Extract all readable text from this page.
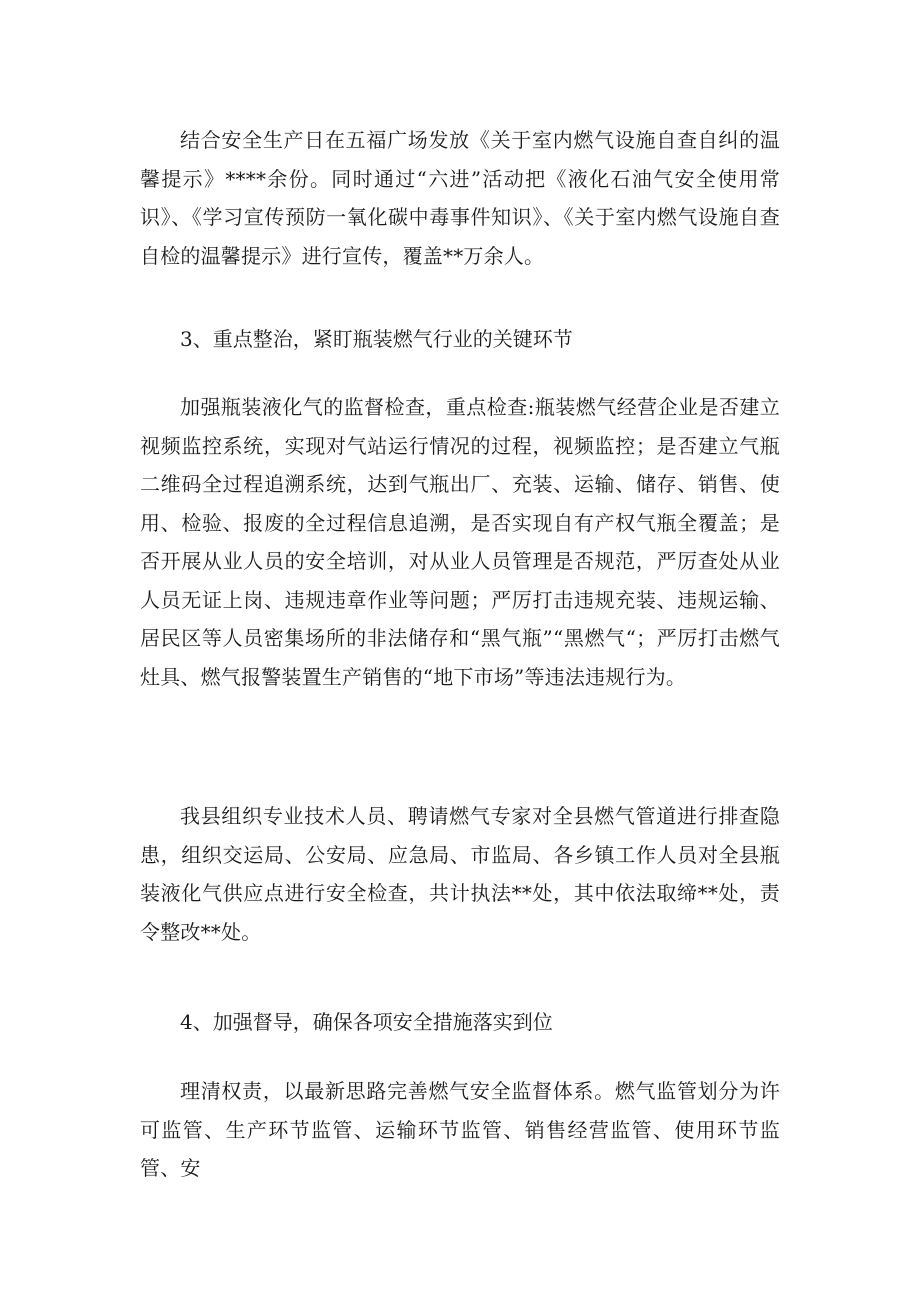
结合安全生产日在五福广场发放《关于室内燃气设施自查自纠的温馨提示》****余份。同时通过“六进”活动把《液化石油气安全使用常识》、《学习宣传预防一氧化碳中毒事件知识》、《关于室内燃气设施自查自检的温馨提示》进行宣传，覆盖**万余人。

3、重点整治，紧盯瓶装燃气行业的关键环节

加强瓶装液化气的监督检查，重点检查:瓶装燃气经营企业是否建立视频监控系统，实现对气站运行情况的过程，视频监控；是否建立气瓶二维码全过程追溯系统，达到气瓶出厂、充装、运输、储存、销售、使用、检验、报废的全过程信息追溯，是否实现自有产权气瓶全覆盖；是否开展从业人员的安全培训，对从业人员管理是否规范，严厉查处从业人员无证上岗、违规违章作业等问题；严厉打击违规充装、违规运输、居民区等人员密集场所的非法储存和“黑气瓶”“黑燃气“；严厉打击燃气灶具、燃气报警装置生产销售的“地下市场”等违法违规行为。

我县组织专业技术人员、聘请燃气专家对全县燃气管道进行排查隐患，组织交运局、公安局、应急局、市监局、各乡镇工作人员对全县瓶装液化气供应点进行安全检查，共计执法**处，其中依法取缔**处，责令整改**处。

4、加强督导，确保各项安全措施落实到位

理清权责，以最新思路完善燃气安全监督体系。燃气监管划分为许可监管、生产环节监管、运输环节监管、销售经营监管、使用环节监管、安
